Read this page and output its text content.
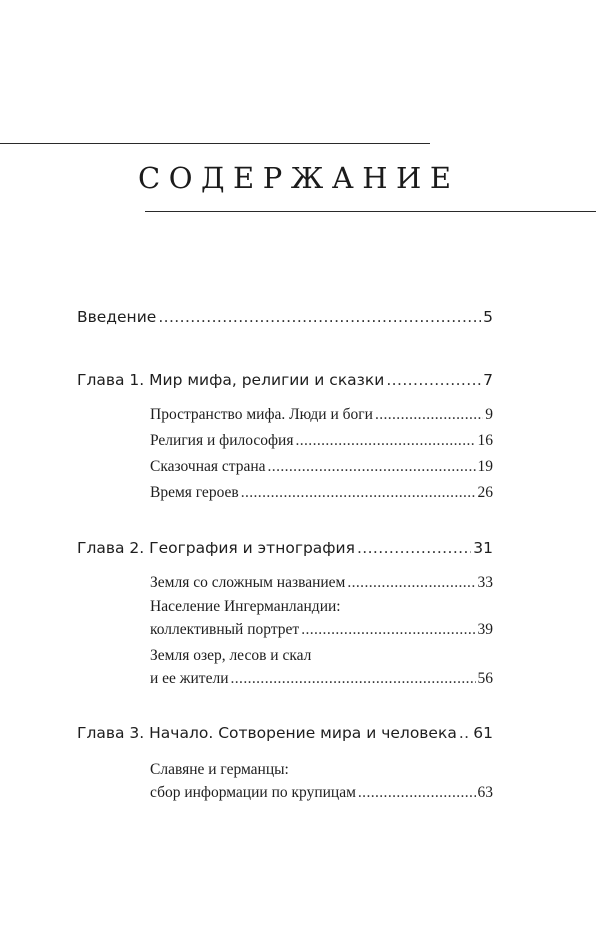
СОДЕРЖАНИЕ
Введение .....	5
Глава 1. Мир мифа, религии и сказки .....	7
Пространство мифа. Люди и боги .....	9
Религия и философия .....	16
Сказочная страна .....	19
Время героев .....	26
Глава 2. География и этнография .....	31
Земля со сложным названием .....	33
Население Ингерманландии:
коллективный портрет .....	39
Земля озер, лесов и скал
и ее жители .....	56
Глава 3. Начало. Сотворение мира и человека ..... 61
Славяне и германцы:
сбор информации по крупицам .....	63
